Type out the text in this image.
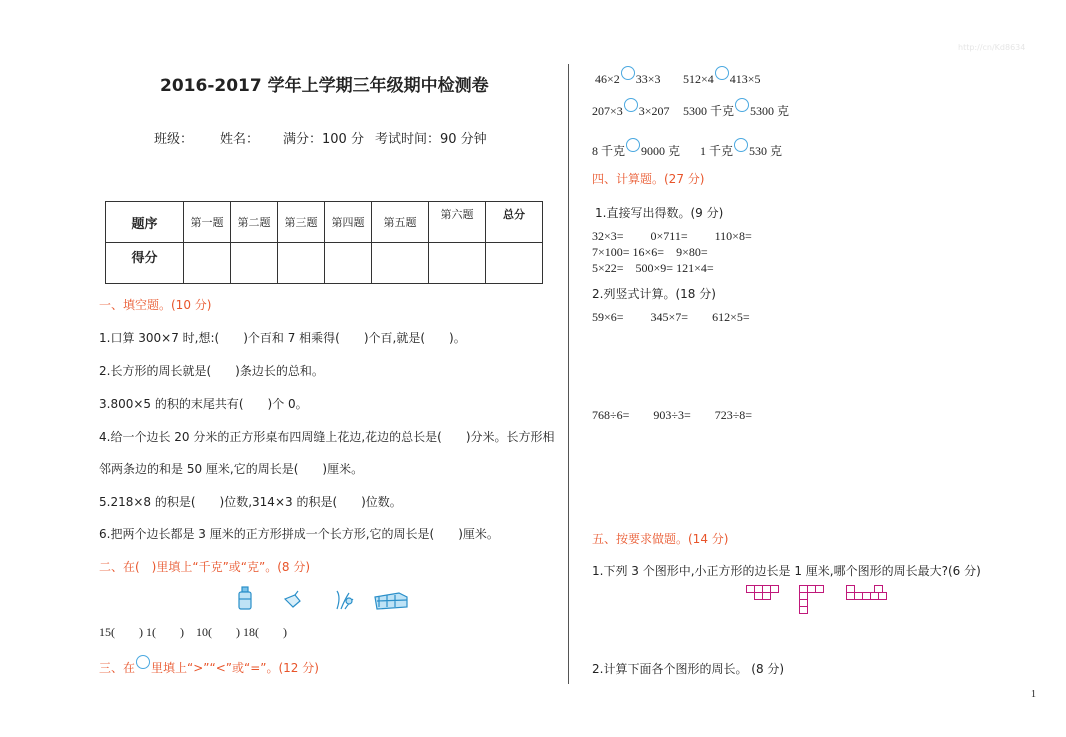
http://cn/Kd8634
2016-2017 学年上学期三年级期中检测卷
班级： 姓名： 满分：100 分 考试时间：90 分钟
题序	第一题	第二题	第三题	第四题	第五题	第六题	总分
得分							
一、填空题。(10 分)
1.口算 300×7 时,想:(　　)个百和 7 相乘得(　　)个百,就是(　　)。
2.长方形的周长就是(　　)条边长的总和。
3.800×5 的积的末尾共有(　　)个 0。
4.给一个边长 20 分米的正方形桌布四周缝上花边,花边的总长是(　　)分米。长方形相
邻两条边的和是 50 厘米,它的周长是(　　)厘米。
5.218×8 的积是(　　)位数,314×3 的积是(　　)位数。
6.把两个边长都是 3 厘米的正方形拼成一个长方形,它的周长是(　　)厘米。
二、在(　)里填上“千克”或“克”。(8 分)
15(　　) 1(　　)　10(　　) 18(　　)
三、在 里填上“>”“<”或“=”。(12 分)
46×2 33×3 512×4 413×5
207×3 3×207 5300 千克 5300 克
8 千克 9000 克 1 千克 530 克
四、计算题。(27 分)
1.直接写出得数。(9 分)
32×3=　　 0×711=　　 110×8=
7×100= 16×6=　9×80=
5×22=　500×9= 121×4=
2.列竖式计算。(18 分)
59×6=　　 345×7=　　612×5=
768÷6=　　903÷3=　　723÷8=
五、按要求做题。(14 分)
1.下列 3 个图形中,小正方形的边长是 1 厘米,哪个图形的周长最大?(6 分)
2.计算下面各个图形的周长。 (8 分)
1
